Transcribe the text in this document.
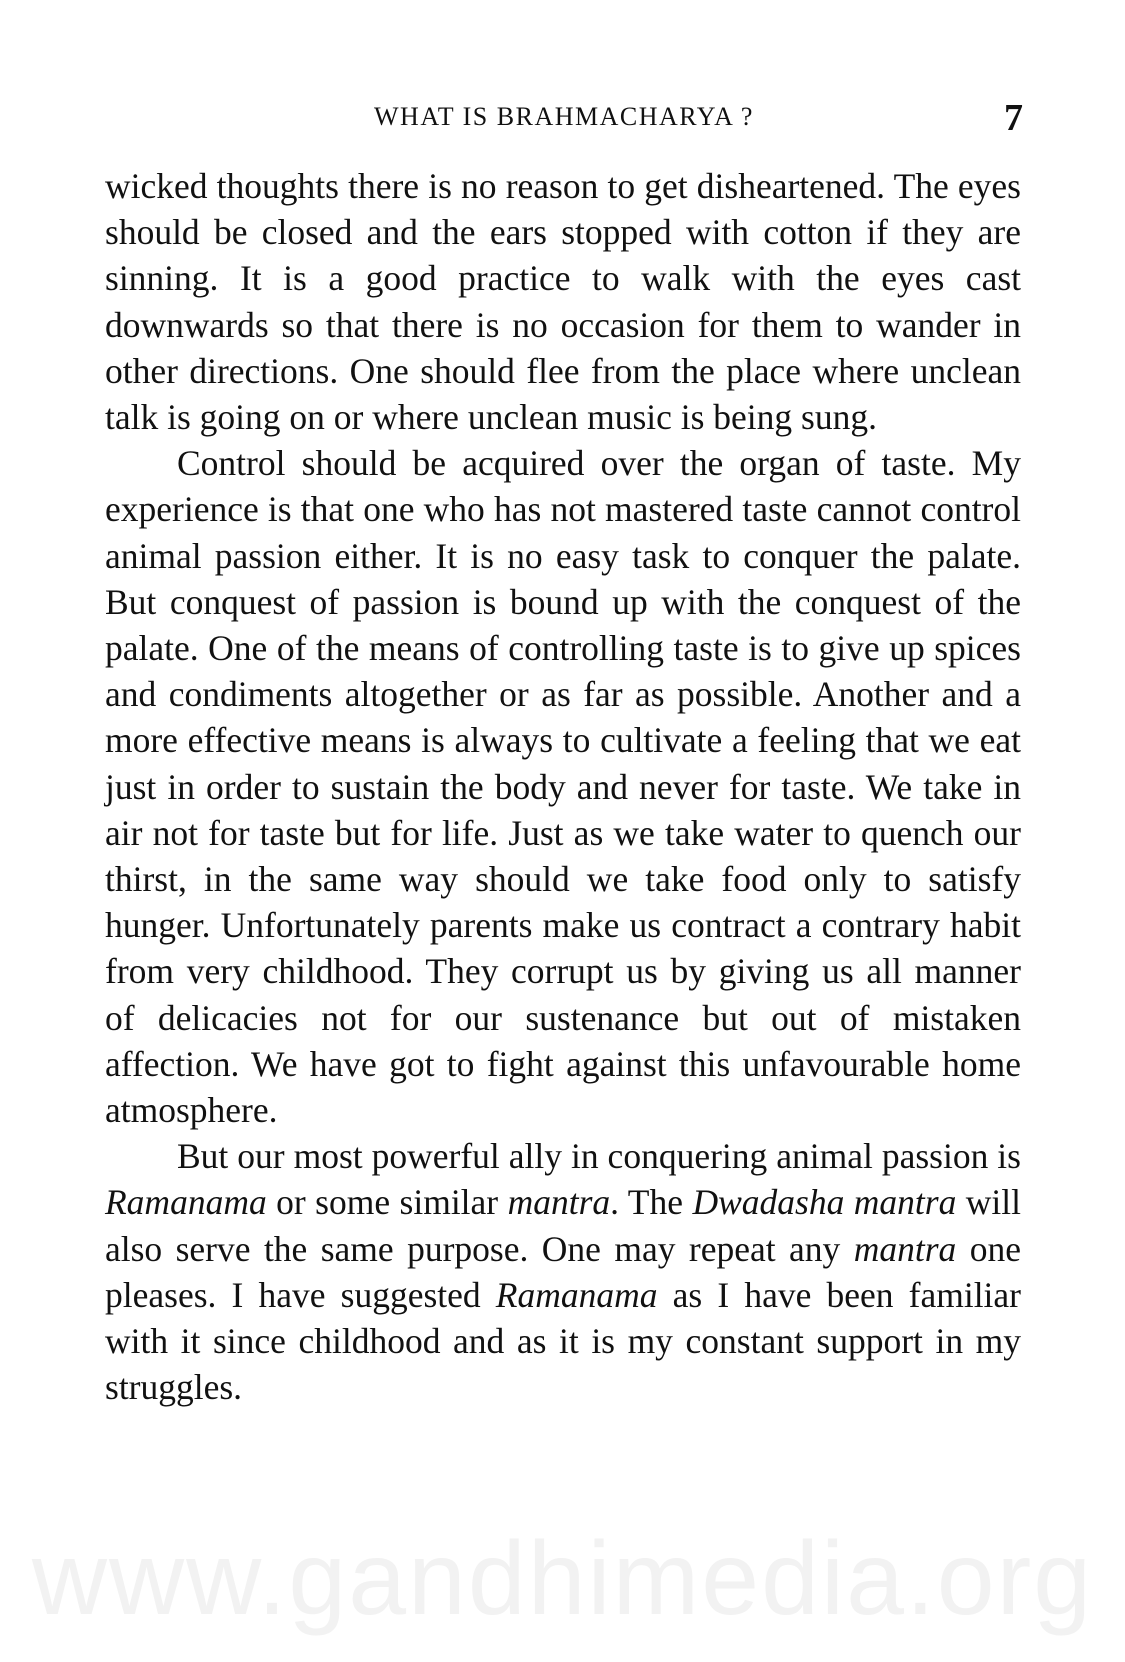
WHAT IS BRAHMACHARYA ?	7

wicked thoughts there is no reason to get disheartened. The eyes should be closed and the ears stopped with cotton if they are sinning. It is a good practice to walk with the eyes cast downwards so that there is no occasion for them to wander in other directions. One should flee from the place where unclean talk is going on or where unclean music is being sung.

Control should be acquired over the organ of taste. My experience is that one who has not mastered taste cannot control animal passion either. It is no easy task to conquer the palate. But conquest of passion is bound up with the conquest of the palate. One of the means of controlling taste is to give up spices and condiments altogether or as far as possible. Another and a more effective means is always to cultivate a feeling that we eat just in order to sustain the body and never for taste. We take in air not for taste but for life. Just as we take water to quench our thirst, in the same way should we take food only to satisfy hunger. Unfortunately parents make us contract a contrary habit from very childhood. They corrupt us by giving us all manner of delicacies not for our sustenance but out of mistaken affection. We have got to fight against this unfavourable home atmosphere.

But our most powerful ally in conquering animal passion is Ramanama or some similar mantra. The Dwadasha mantra will also serve the same purpose. One may repeat any mantra one pleases. I have suggested Ramanama as I have been familiar with it since childhood and as it is my constant support in my struggles.

www.gandhimedia.org
